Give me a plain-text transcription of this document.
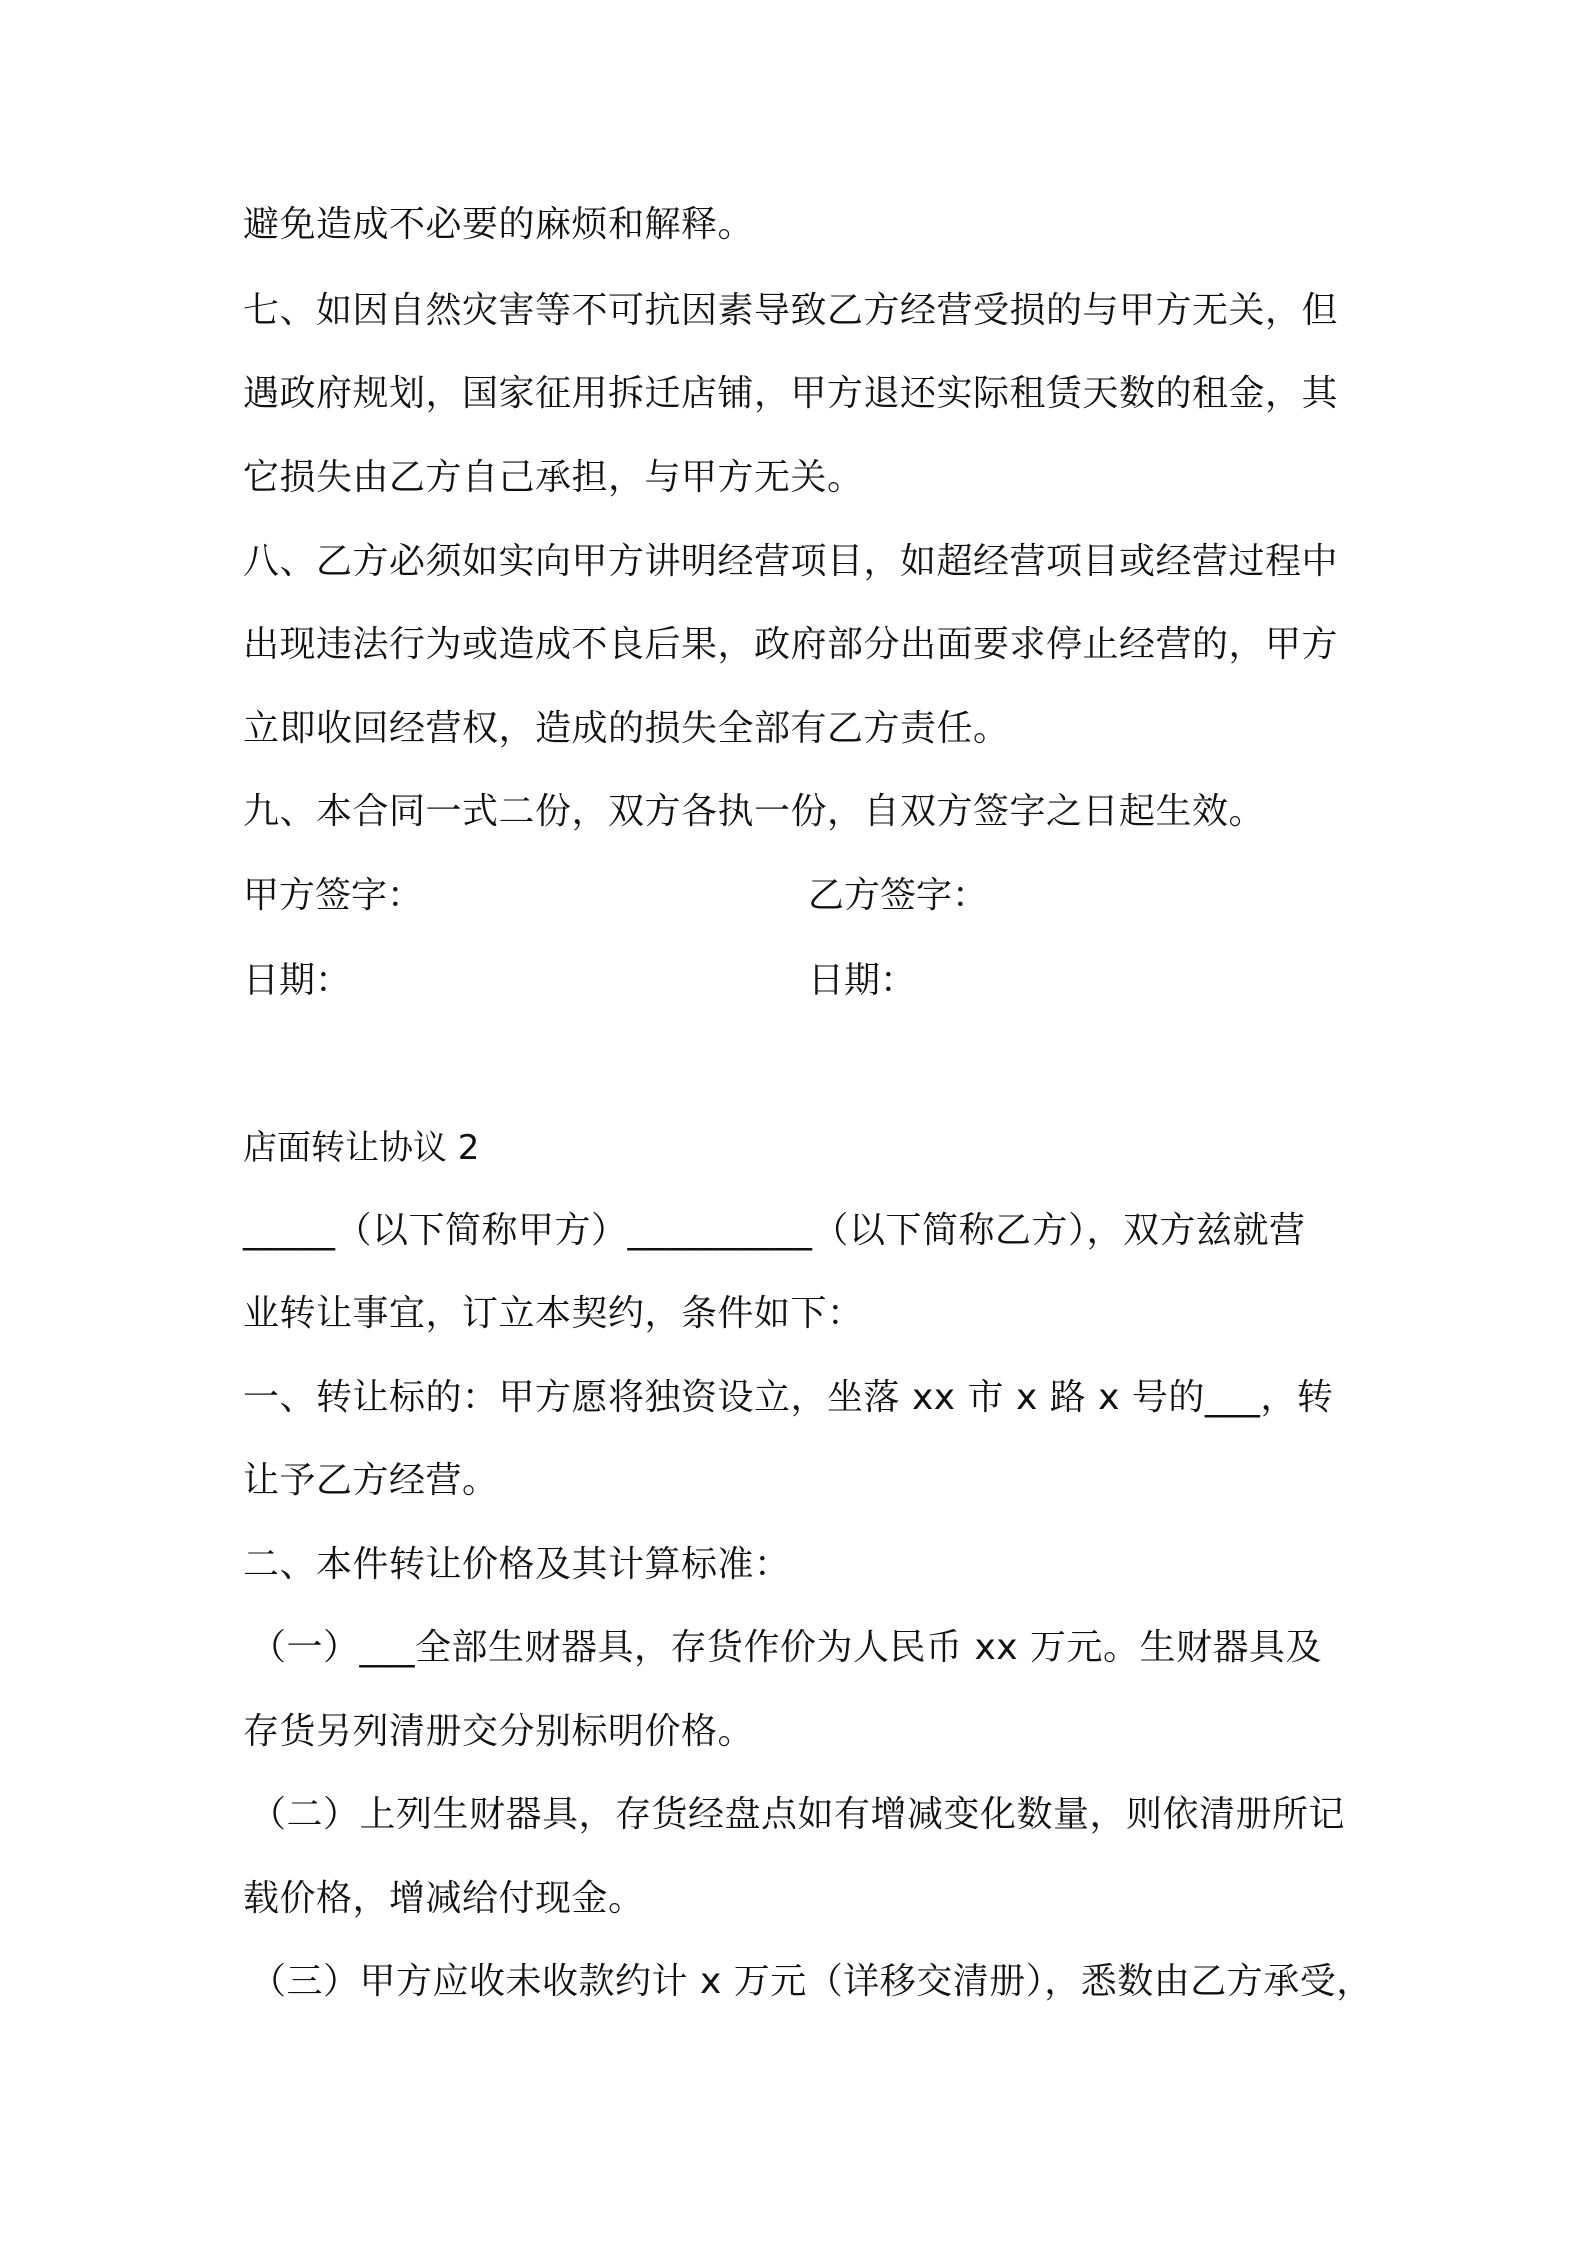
避免造成不必要的麻烦和解释。
七、如因自然灾害等不可抗因素导致乙方经营受损的与甲方无关，但
遇政府规划，国家征用拆迁店铺，甲方退还实际租赁天数的租金，其
它损失由乙方自己承担，与甲方无关。
八、乙方必须如实向甲方讲明经营项目，如超经营项目或经营过程中
出现违法行为或造成不良后果，政府部分出面要求停止经营的，甲方
立即收回经营权，造成的损失全部有乙方责任。
九、本合同一式二份，双方各执一份，自双方签字之日起生效。
甲方签字：	乙方签字：
日期：	日期：
店面转让协议 2
_____（以下简称甲方）__________（以下简称乙方），双方兹就营
业转让事宜，订立本契约，条件如下：
一、转让标的：甲方愿将独资设立，坐落 xx 市 x 路 x 号的___，转
让予乙方经营。
二、本件转让价格及其计算标准：
（一）___全部生财器具，存货作价为人民币 xx 万元。生财器具及
存货另列清册交分别标明价格。
（二）上列生财器具，存货经盘点如有增减变化数量，则依清册所记
载价格，增减给付现金。
（三）甲方应收未收款约计 x 万元（详移交清册），悉数由乙方承受，
